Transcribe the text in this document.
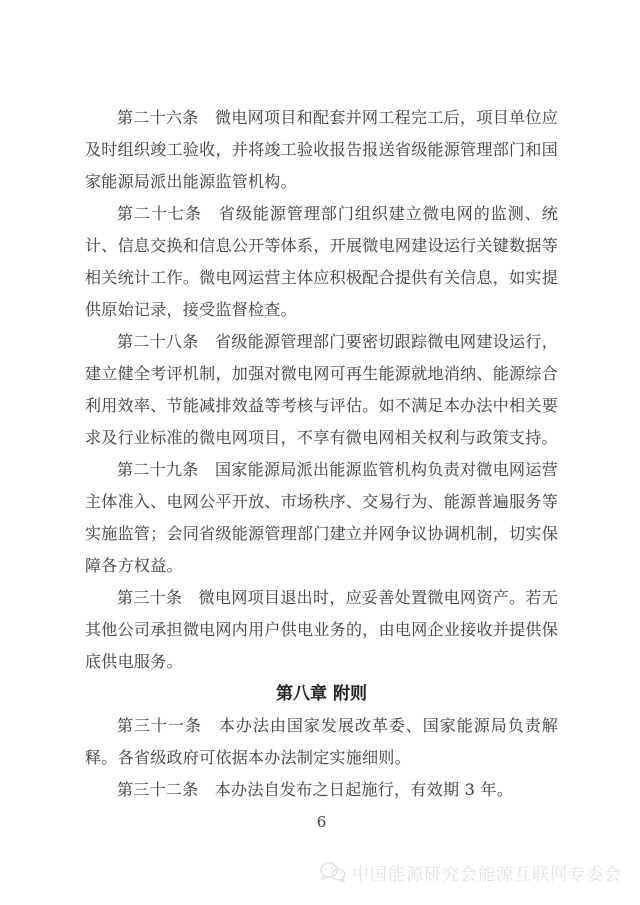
第二十六条　微电网项目和配套并网工程完工后，项目单位应及时组织竣工验收，并将竣工验收报告报送省级能源管理部门和国家能源局派出能源监管机构。

第二十七条　省级能源管理部门组织建立微电网的监测、统计、信息交换和信息公开等体系，开展微电网建设运行关键数据等相关统计工作。微电网运营主体应积极配合提供有关信息，如实提供原始记录，接受监督检查。

第二十八条　省级能源管理部门要密切跟踪微电网建设运行，建立健全考评机制，加强对微电网可再生能源就地消纳、能源综合利用效率、节能减排效益等考核与评估。如不满足本办法中相关要求及行业标准的微电网项目，不享有微电网相关权利与政策支持。

第二十九条　国家能源局派出能源监管机构负责对微电网运营主体准入、电网公平开放、市场秩序、交易行为、能源普遍服务等实施监管；会同省级能源管理部门建立并网争议协调机制，切实保障各方权益。

第三十条　微电网项目退出时，应妥善处置微电网资产。若无其他公司承担微电网内用户供电业务的，由电网企业接收并提供保底供电服务。

第八章 附则

第三十一条　本办法由国家发展改革委、国家能源局负责解释。各省级政府可依据本办法制定实施细则。

第三十二条　本办法自发布之日起施行，有效期 3 年。

6
中国能源研究会能源互联网专委会
